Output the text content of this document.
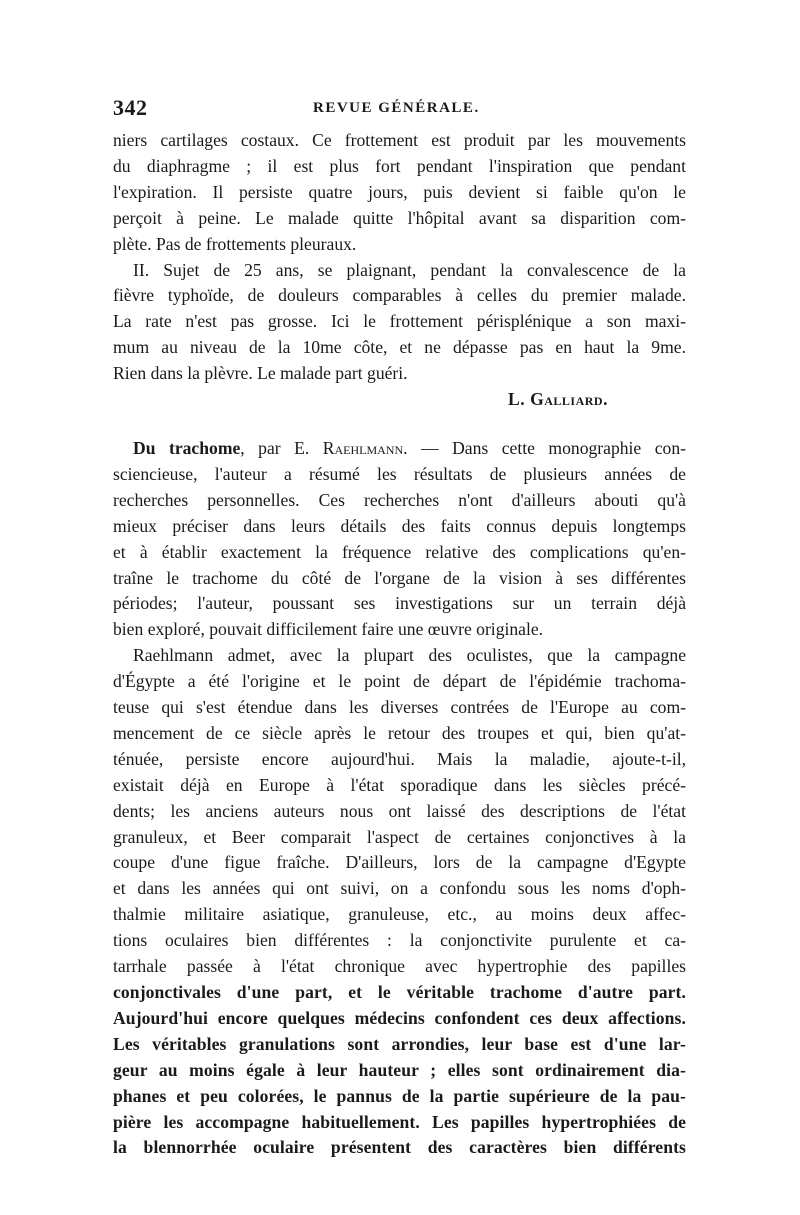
342	REVUE GÉNÉRALE.
niers cartilages costaux. Ce frottement est produit par les mouvements
du diaphragme ; il est plus fort pendant l'inspiration que pendant
l'expiration. Il persiste quatre jours, puis devient si faible qu'on le
perçoit à peine. Le malade quitte l'hôpital avant sa disparition com-
plète. Pas de frottements pleuraux.
II. Sujet de 25 ans, se plaignant, pendant la convalescence de la
fièvre typhoïde, de douleurs comparables à celles du premier malade.
La rate n'est pas grosse. Ici le frottement périsplénique a son maxi-
mum au niveau de la 10me côte, et ne dépasse pas en haut la 9me.
Rien dans la plèvre. Le malade part guéri.
L. Galliard.
Du trachome, par E. Raehlmann. — Dans cette monographie con-
sciencieuse, l'auteur a résumé les résultats de plusieurs années de
recherches personnelles. Ces recherches n'ont d'ailleurs abouti qu'à
mieux préciser dans leurs détails des faits connus depuis longtemps
et à établir exactement la fréquence relative des complications qu'en-
traîne le trachome du côté de l'organe de la vision à ses différentes
périodes; l'auteur, poussant ses investigations sur un terrain déjà
bien exploré, pouvait difficilement faire une œuvre originale.
Raehlmann admet, avec la plupart des oculistes, que la campagne
d'Égypte a été l'origine et le point de départ de l'épidémie trachoma-
teuse qui s'est étendue dans les diverses contrées de l'Europe au com-
mencement de ce siècle après le retour des troupes et qui, bien qu'at-
ténuée, persiste encore aujourd'hui. Mais la maladie, ajoute-t-il,
existait déjà en Europe à l'état sporadique dans les siècles précé-
dents; les anciens auteurs nous ont laissé des descriptions de l'état
granuleux, et Beer comparait l'aspect de certaines conjonctives à la
coupe d'une figue fraîche. D'ailleurs, lors de la campagne d'Egypte
et dans les années qui ont suivi, on a confondu sous les noms d'oph-
thalmie militaire asiatique, granuleuse, etc., au moins deux affec-
tions oculaires bien différentes : la conjonctivite purulente et ca-
tarrhale passée à l'état chronique avec hypertrophie des papilles
conjonctivales d'une part, et le véritable trachome d'autre part.
Aujourd'hui encore quelques médecins confondent ces deux affections.
Les véritables granulations sont arrondies, leur base est d'une lar-
geur au moins égale à leur hauteur ; elles sont ordinairement dia-
phanes et peu colorées, le pannus de la partie supérieure de la pau-
pière les accompagne habituellement. Les papilles hypertrophiées de
la blennorrhée oculaire présentent des caractères bien différents
